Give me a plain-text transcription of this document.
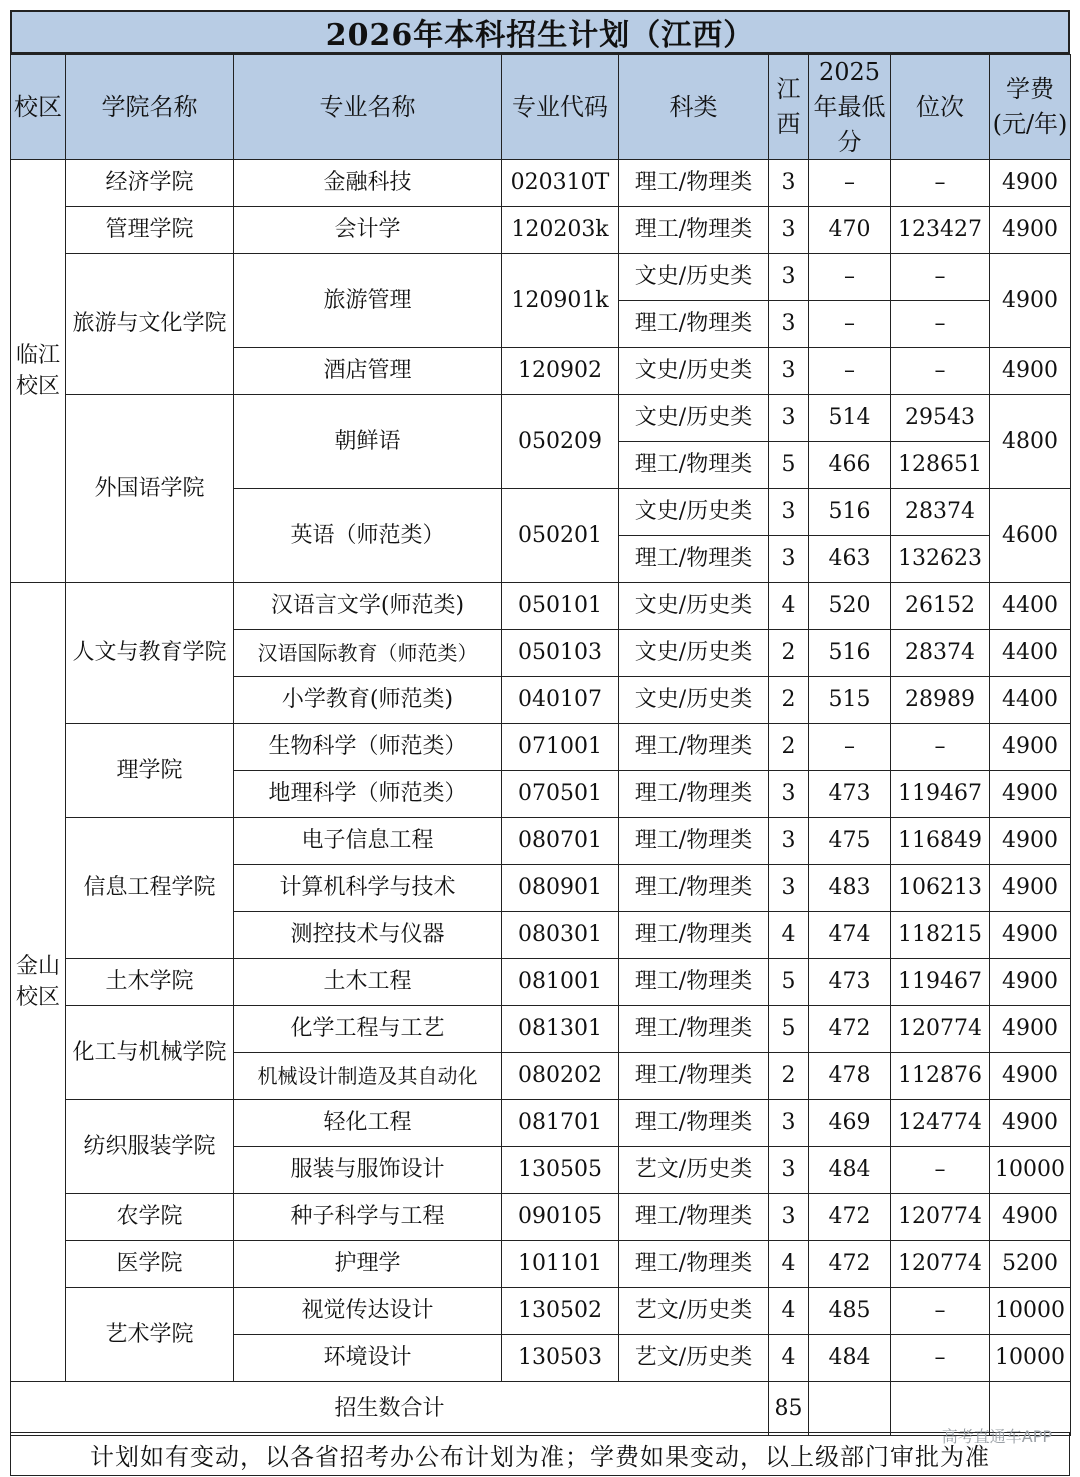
2026年本科招生计划（江西）
校区	学院名称	专业名称	专业代码	科类	江西	2025年最低分	位次	学费(元/年)
临江校区	经济学院	金融科技	020310T	理工/物理类	3	–	–	4900
	管理学院	会计学	120203k	理工/物理类	3	470	123427	4900
	旅游与文化学院	旅游管理	120901k	文史/历史类	3	–	–	4900
				理工/物理类	3	–	–	
		酒店管理	120902	文史/历史类	3	–	–	4900
	外国语学院	朝鲜语	050209	文史/历史类	3	514	29543	4800
				理工/物理类	5	466	128651	
		英语（师范类）	050201	文史/历史类	3	516	28374	4600
				理工/物理类	3	463	132623	
金山校区	人文与教育学院	汉语言文学(师范类)	050101	文史/历史类	4	520	26152	4400
		汉语国际教育（师范类）	050103	文史/历史类	2	516	28374	4400
		小学教育(师范类)	040107	文史/历史类	2	515	28989	4400
	理学院	生物科学（师范类）	071001	理工/物理类	2	–	–	4900
		地理科学（师范类）	070501	理工/物理类	3	473	119467	4900
	信息工程学院	电子信息工程	080701	理工/物理类	3	475	116849	4900
		计算机科学与技术	080901	理工/物理类	3	483	106213	4900
		测控技术与仪器	080301	理工/物理类	4	474	118215	4900
	土木学院	土木工程	081001	理工/物理类	5	473	119467	4900
	化工与机械学院	化学工程与工艺	081301	理工/物理类	5	472	120774	4900
		机械设计制造及其自动化	080202	理工/物理类	2	478	112876	4900
	纺织服装学院	轻化工程	081701	理工/物理类	3	469	124774	4900
		服装与服饰设计	130505	艺文/历史类	3	484	–	10000
	农学院	种子科学与工程	090105	理工/物理类	3	472	120774	4900
	医学院	护理学	101101	理工/物理类	4	472	120774	5200
	艺术学院	视觉传达设计	130502	艺文/历史类	4	485	–	10000
		环境设计	130503	艺文/历史类	4	484	–	10000
招生数合计					85			
计划如有变动，以各省招考办公布计划为准；学费如果变动，以上级部门审批为准
高考直通车APP
